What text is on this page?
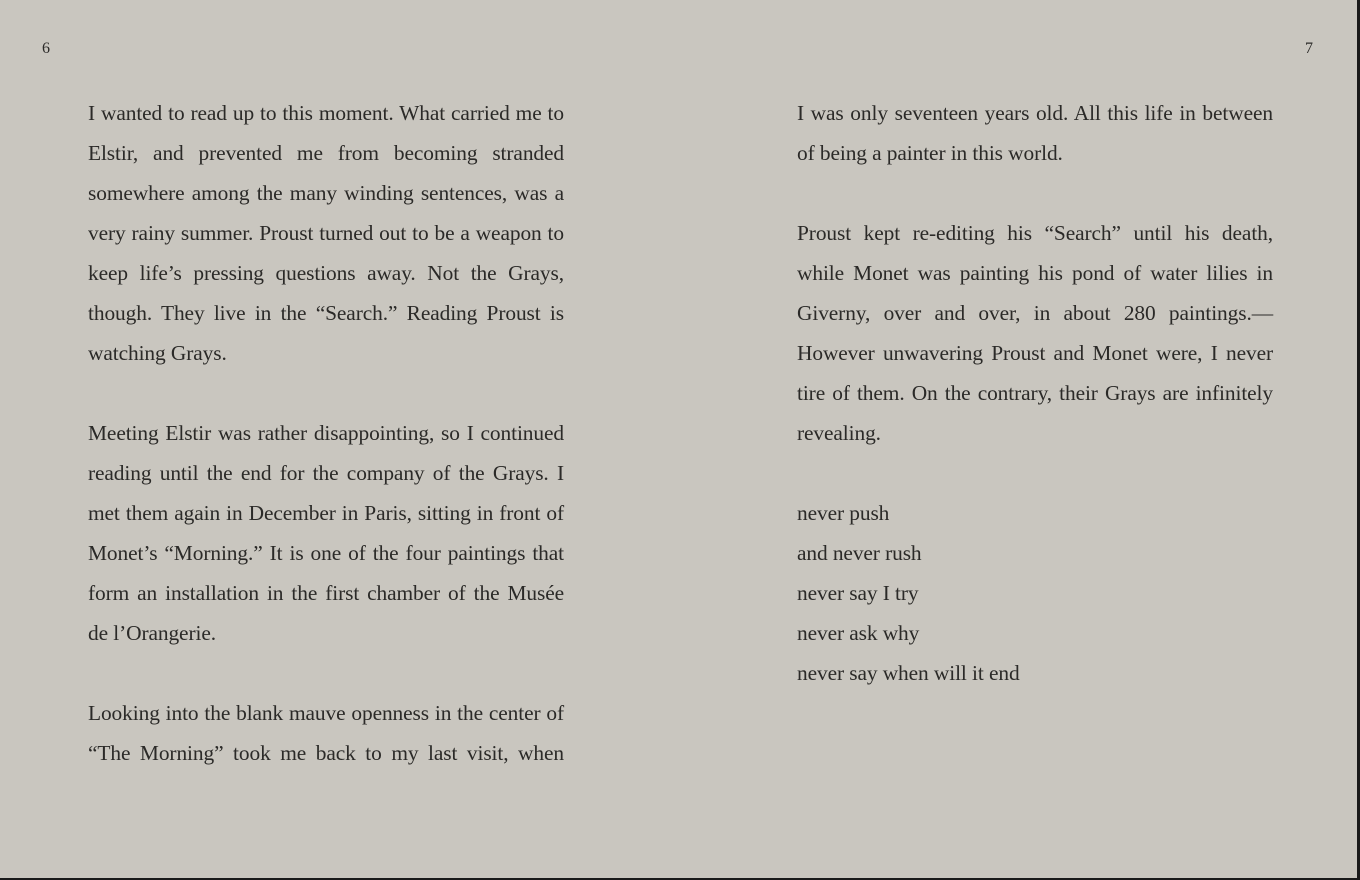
6	7

I wanted to read up to this moment. What carried me to Elstir, and prevented me from becoming stranded somewhere among the many winding sentences, was a very rainy summer. Proust turned out to be a weapon to keep life’s pressing questions away. Not the Grays, though. They live in the “Search.” Reading Proust is watching Grays.

Meeting Elstir was rather disappointing, so I continued reading until the end for the company of the Grays. I met them again in December in Paris, sitting in front of Monet’s “Morning.” It is one of the four paintings that form an installation in the first chamber of the Musée de l’Orangerie.

Looking into the blank mauve openness in the center of “The Morning” took me back to my last visit, when

I was only seventeen years old. All this life in between of being a painter in this world.

Proust kept re-editing his “Search” until his death, while Monet was painting his pond of water lilies in Giverny, over and over, in about 280 paintings.— However unwavering Proust and Monet were, I never tire of them. On the contrary, their Grays are infinitely revealing.

never push
and never rush
never say I try
never ask why
never say when will it end
